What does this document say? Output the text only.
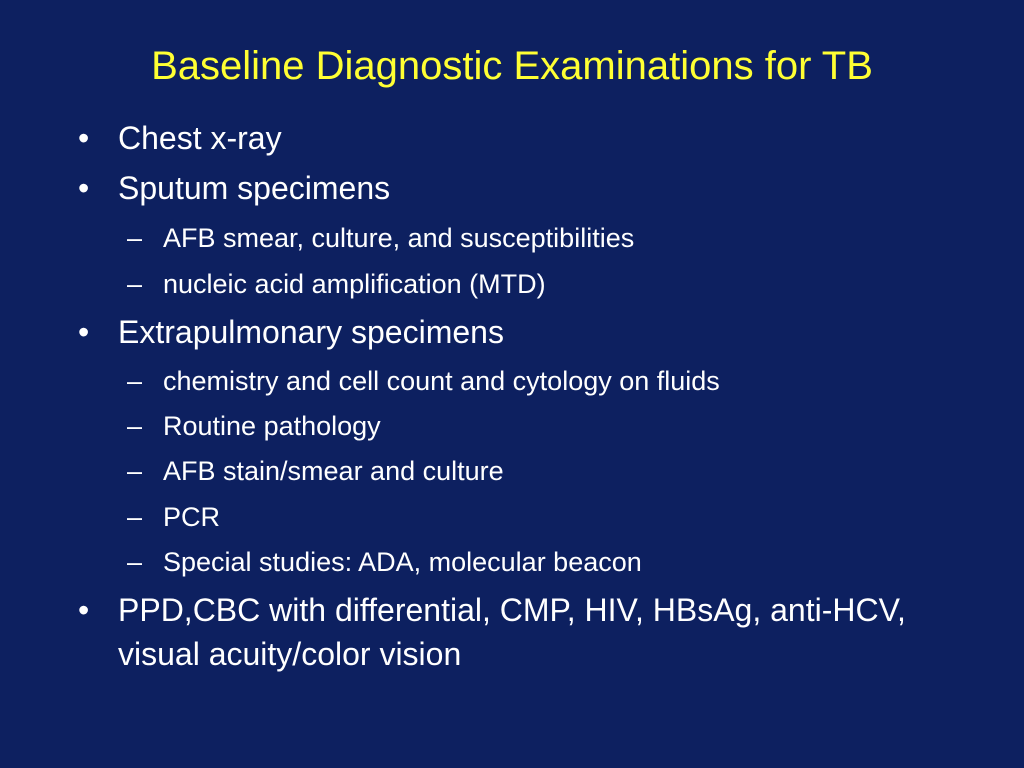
Baseline Diagnostic Examinations for TB
• Chest x-ray
• Sputum specimens
– AFB smear, culture, and susceptibilities
– nucleic acid amplification (MTD)
• Extrapulmonary specimens
– chemistry and cell count and cytology on fluids
– Routine pathology
– AFB stain/smear and culture
– PCR
– Special studies: ADA, molecular beacon
• PPD,CBC with differential, CMP, HIV, HBsAg, anti-HCV, visual acuity/color vision
